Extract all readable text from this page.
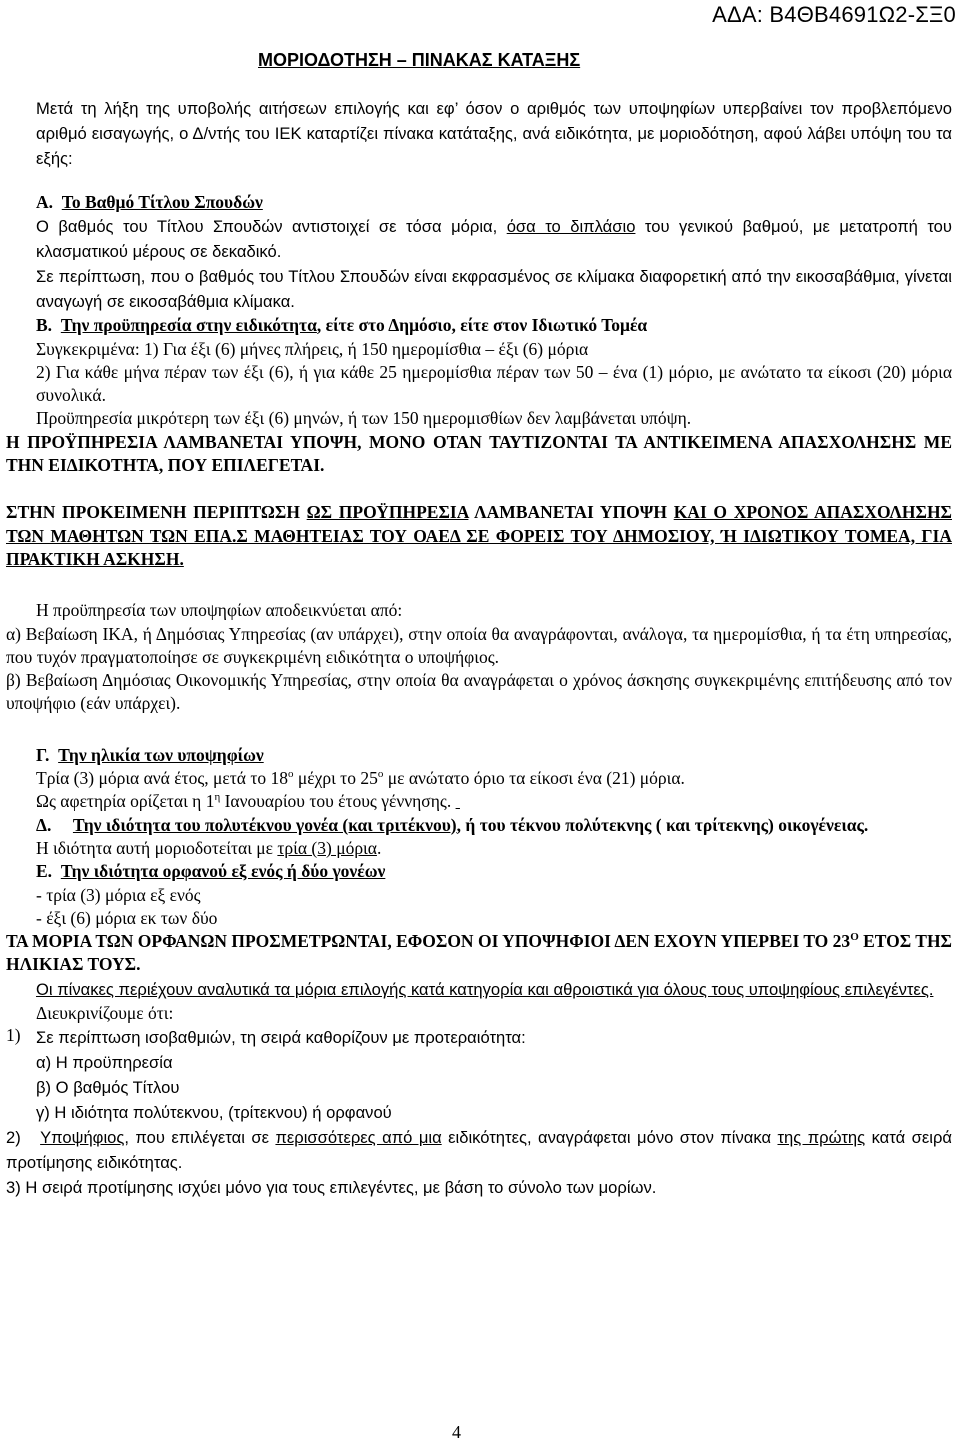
ΑΔΑ: Β4ΘΒ4691Ω2-ΣΞ0
ΜΟΡΙΟΔΟΤΗΣΗ – ΠΙΝΑΚΑΣ ΚΑΤΑΞΗΣ

Μετά τη λήξη της υποβολής αιτήσεων επιλογής και εφ’ όσον ο αριθμός των υποψηφίων υπερβαίνει τον προβλεπόμενο αριθμό εισαγωγής, ο Δ/ντής του ΙΕΚ καταρτίζει πίνακα κατάταξης, ανά ειδικότητα, με μοριοδότηση, αφού λάβει υπόψη του τα εξής:

Α. Το Βαθμό Τίτλου Σπουδών

Ο βαθμός του Τίτλου Σπουδών αντιστοιχεί σε τόσα μόρια, όσα το διπλάσιο του γενικού βαθμού, με μετατροπή του κλασματικού μέρους σε δεκαδικό.

Σε περίπτωση, που ο βαθμός του Τίτλου Σπουδών είναι εκφρασμένος σε κλίμακα διαφορετική από την εικοσαβάθμια, γίνεται αναγωγή σε εικοσαβάθμια κλίμακα.

Β. Την προϋπηρεσία στην ειδικότητα, είτε στο Δημόσιο, είτε στον Ιδιωτικό Τομέα

Συγκεκριμένα: 1) Για έξι (6) μήνες πλήρεις, ή 150 ημερομίσθια – έξι (6) μόρια

2) Για κάθε μήνα πέραν των έξι (6), ή για κάθε 25 ημερομίσθια πέραν των 50 – ένα (1) μόριο, με ανώτατο τα είκοσι (20) μόρια συνολικά.

Προϋπηρεσία μικρότερη των έξι (6) μηνών, ή των 150 ημερομισθίων δεν λαμβάνεται υπόψη.

Η ΠΡΟΫΠΗΡΕΣΙΑ ΛΑΜΒΑΝΕΤΑΙ ΥΠΟΨΗ, ΜΟΝΟ ΟΤΑΝ ΤΑΥΤΙΖΟΝΤΑΙ ΤΑ ΑΝΤΙΚΕΙΜΕΝΑ ΑΠΑΣΧΟΛΗΣΗΣ ΜΕ ΤΗΝ ΕΙΔΙΚΟΤΗΤΑ, ΠΟΥ ΕΠΙΛΕΓΕΤΑΙ.

ΣΤΗΝ ΠΡΟΚΕΙΜΕΝΗ ΠΕΡΙΠΤΩΣΗ ΩΣ ΠΡΟΫΠΗΡΕΣΙΑ ΛΑΜΒΑΝΕΤΑΙ ΥΠΟΨΗ ΚΑΙ Ο ΧΡΟΝΟΣ ΑΠΑΣΧΟΛΗΣΗΣ ΤΩΝ ΜΑΘΗΤΩΝ ΤΩΝ ΕΠΑ.Σ ΜΑΘΗΤΕΙΑΣ ΤΟΥ ΟΑΕΔ ΣΕ ΦΟΡΕΙΣ ΤΟΥ ΔΗΜΟΣΙΟΥ, Ή ΙΔΙΩΤΙΚΟΥ ΤΟΜΕΑ, ΓΙΑ ΠΡΑΚΤΙΚΗ ΑΣΚΗΣΗ.

Η προϋπηρεσία των υποψηφίων αποδεικνύεται από:

α) Βεβαίωση ΙΚΑ, ή Δημόσιας Υπηρεσίας (αν υπάρχει), στην οποία θα αναγράφονται, ανάλογα, τα ημερομίσθια, ή τα έτη υπηρεσίας, που τυχόν πραγματοποίησε σε συγκεκριμένη ειδικότητα ο υποψήφιος.

β) Βεβαίωση Δημόσιας Οικονομικής Υπηρεσίας, στην οποία θα αναγράφεται ο χρόνος άσκησης συγκεκριμένης επιτήδευσης από τον υποψήφιο (εάν υπάρχει).

Γ. Την ηλικία των υποψηφίων

Τρία (3) μόρια ανά έτος, μετά το $18^o$ μέχρι το $25^o$ με ανώτατο όριο τα είκοσι ένα (21) μόρια.

Ως αφετηρία ορίζεται η $1^\eta$ Ιανουαρίου του έτους γέννησης.

Δ. Την ιδιότητα του πολυτέκνου γονέα (και τριτέκνου), ή του τέκνου πολύτεκνης ( και τρίτεκνης) οικογένειας.

Η ιδιότητα αυτή μοριοδοτείται με τρία (3) μόρια.

Ε. Την ιδιότητα ορφανού εξ ενός ή δύο γονέων

- τρία (3) μόρια εξ ενός

- έξι (6) μόρια εκ των δύο

ΤΑ ΜΟΡΙΑ ΤΩΝ ΟΡΦΑΝΩΝ ΠΡΟΣΜΕΤΡΩΝΤΑΙ, ΕΦΟΣΟΝ ΟΙ ΥΠΟΨΗΦΙΟΙ ΔΕΝ ΕΧΟΥΝ ΥΠΕΡΒΕΙ ΤΟ $23^O$ ΕΤΟΣ ΤΗΣ ΗΛΙΚΙΑΣ ΤΟΥΣ.

Οι πίνακες περιέχουν αναλυτικά τα μόρια επιλογής κατά κατηγορία και αθροιστικά για όλους τους υποψηφίους επιλεγέντες.

Διευκρινίζουμε ότι:

1) Σε περίπτωση ισοβαθμιών, τη σειρά καθορίζουν με προτεραιότητα:

α) Η προϋπηρεσία

β) Ο βαθμός Τίτλου

γ) Η ιδιότητα πολύτεκνου, (τρίτεκνου) ή ορφανού

2) Υποψήφιος, που επιλέγεται σε περισσότερες από μια ειδικότητες, αναγράφεται μόνο στον πίνακα της πρώτης κατά σειρά προτίμησης ειδικότητας.

3) Η σειρά προτίμησης ισχύει μόνο για τους επιλεγέντες, με βάση το σύνολο των μορίων.

4
